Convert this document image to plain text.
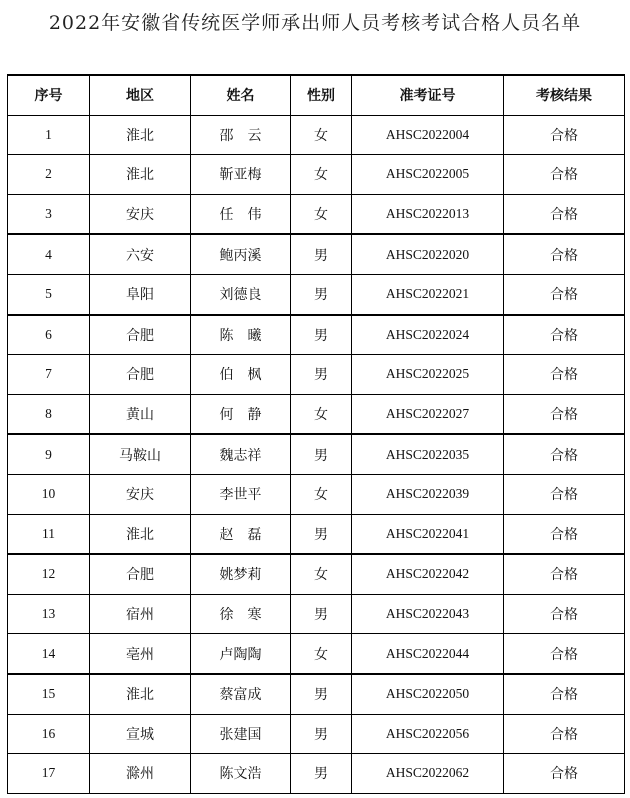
2022年安徽省传统医学师承出师人员考核考试合格人员名单
序号	地区	姓名	性别	准考证号	考核结果
1	淮北	邵　云	女	AHSC2022004	合格
2	淮北	靳亚梅	女	AHSC2022005	合格
3	安庆	任　伟	女	AHSC2022013	合格
4	六安	鲍丙溪	男	AHSC2022020	合格
5	阜阳	刘德良	男	AHSC2022021	合格
6	合肥	陈　曦	男	AHSC2022024	合格
7	合肥	伯　枫	男	AHSC2022025	合格
8	黄山	何　静	女	AHSC2022027	合格
9	马鞍山	魏志祥	男	AHSC2022035	合格
10	安庆	李世平	女	AHSC2022039	合格
11	淮北	赵　磊	男	AHSC2022041	合格
12	合肥	姚梦莉	女	AHSC2022042	合格
13	宿州	徐　寒	男	AHSC2022043	合格
14	亳州	卢陶陶	女	AHSC2022044	合格
15	淮北	蔡富成	男	AHSC2022050	合格
16	宣城	张建国	男	AHSC2022056	合格
17	滁州	陈文浩	男	AHSC2022062	合格
